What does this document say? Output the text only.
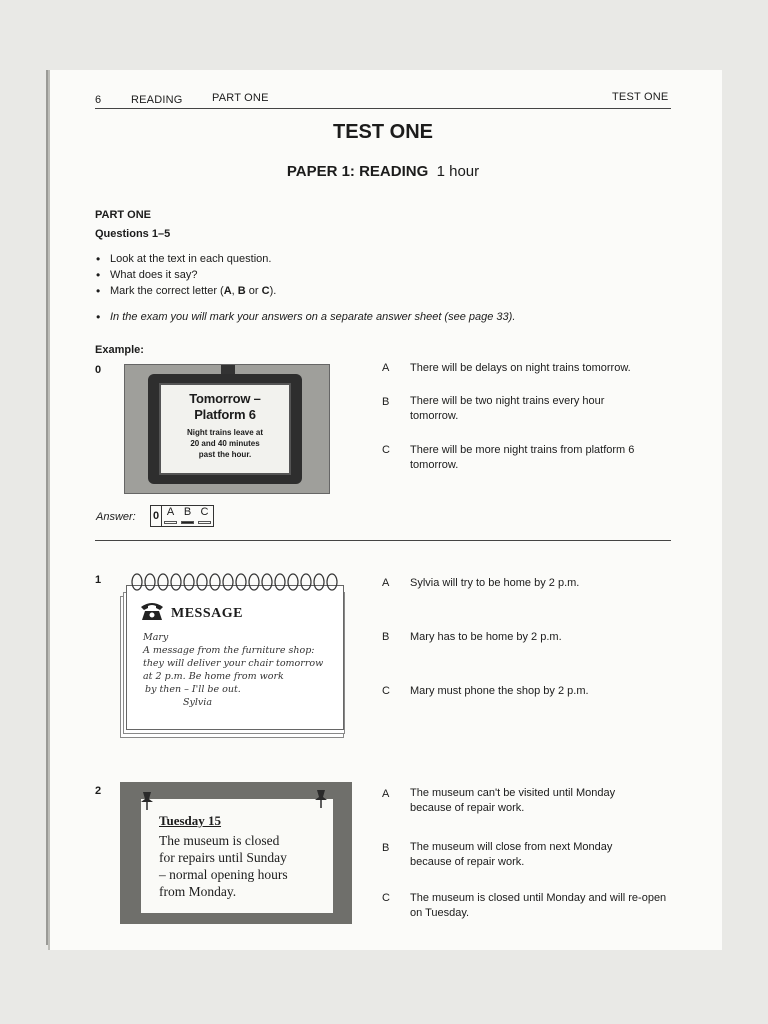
6	READING	PART ONE	TEST ONE
TEST ONE
PAPER 1: READING 1 hour
PART ONE
Questions 1–5
• Look at the text in each question.
• What does it say?
• Mark the correct letter (A, B or C).
• In the exam you will mark your answers on a separate answer sheet (see page 33).
Example:
0
Tomorrow –
Platform 6
Night trains leave at
20 and 40 minutes
past the hour.
A There will be delays on night trains tomorrow.
B There will be two night trains every hour tomorrow.
C There will be more night trains from platform 6 tomorrow.
Answer: 0 A B C
1
MESSAGE
Mary
A message from the furniture shop:
they will deliver your chair tomorrow
at 2 p.m. Be home from work
by then – I'll be out.
Sylvia
A Sylvia will try to be home by 2 p.m.
B Mary has to be home by 2 p.m.
C Mary must phone the shop by 2 p.m.
2
Tuesday 15
The museum is closed
for repairs until Sunday
– normal opening hours
from Monday.
A The museum can't be visited until Monday because of repair work.
B The museum will close from next Monday because of repair work.
C The museum is closed until Monday and will re-open on Tuesday.
